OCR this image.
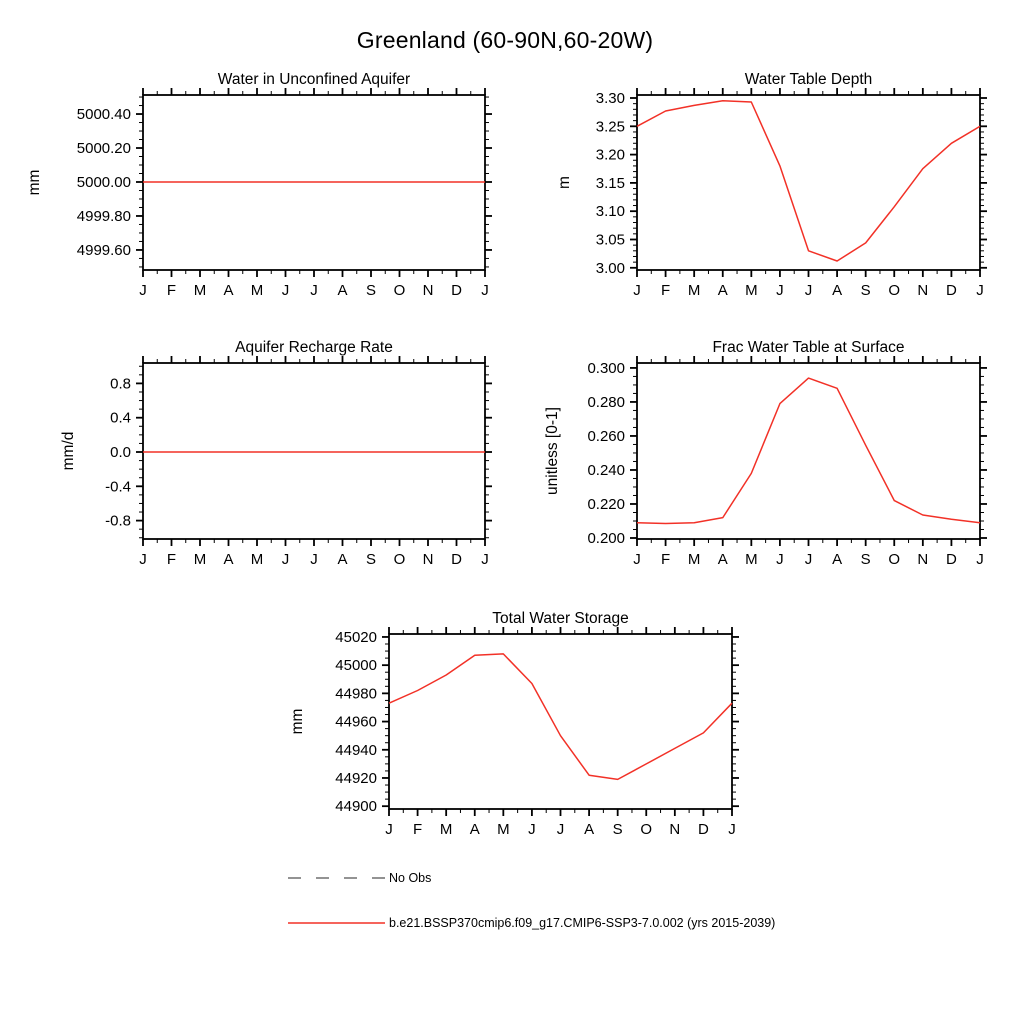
Greenland (60-90N,60-20W)
J F M A M J J A S O N D J
4999.60
4999.80
5000.00
5000.20
5000.40
Water in Unconfined Aquifer
mm
J F M A M J J A S O N D J
3.00
3.05
3.10
3.15
3.20
3.25
3.30
Water Table Depth
m
J F M A M J J A S O N D J
-0.8
-0.4
0.0
0.4
0.8
Aquifer Recharge Rate
mm/d
J F M A M J J A S O N D J
0.200
0.220
0.240
0.260
0.280
0.300
Frac Water Table at Surface
unitless [0-1]
J F M A M J J A S O N D J
44900
44920
44940
44960
44980
45000
45020
Total Water Storage
mm
No Obs
b.e21.BSSP370cmip6.f09_g17.CMIP6-SSP3-7.0.002 (yrs 2015-2039)
